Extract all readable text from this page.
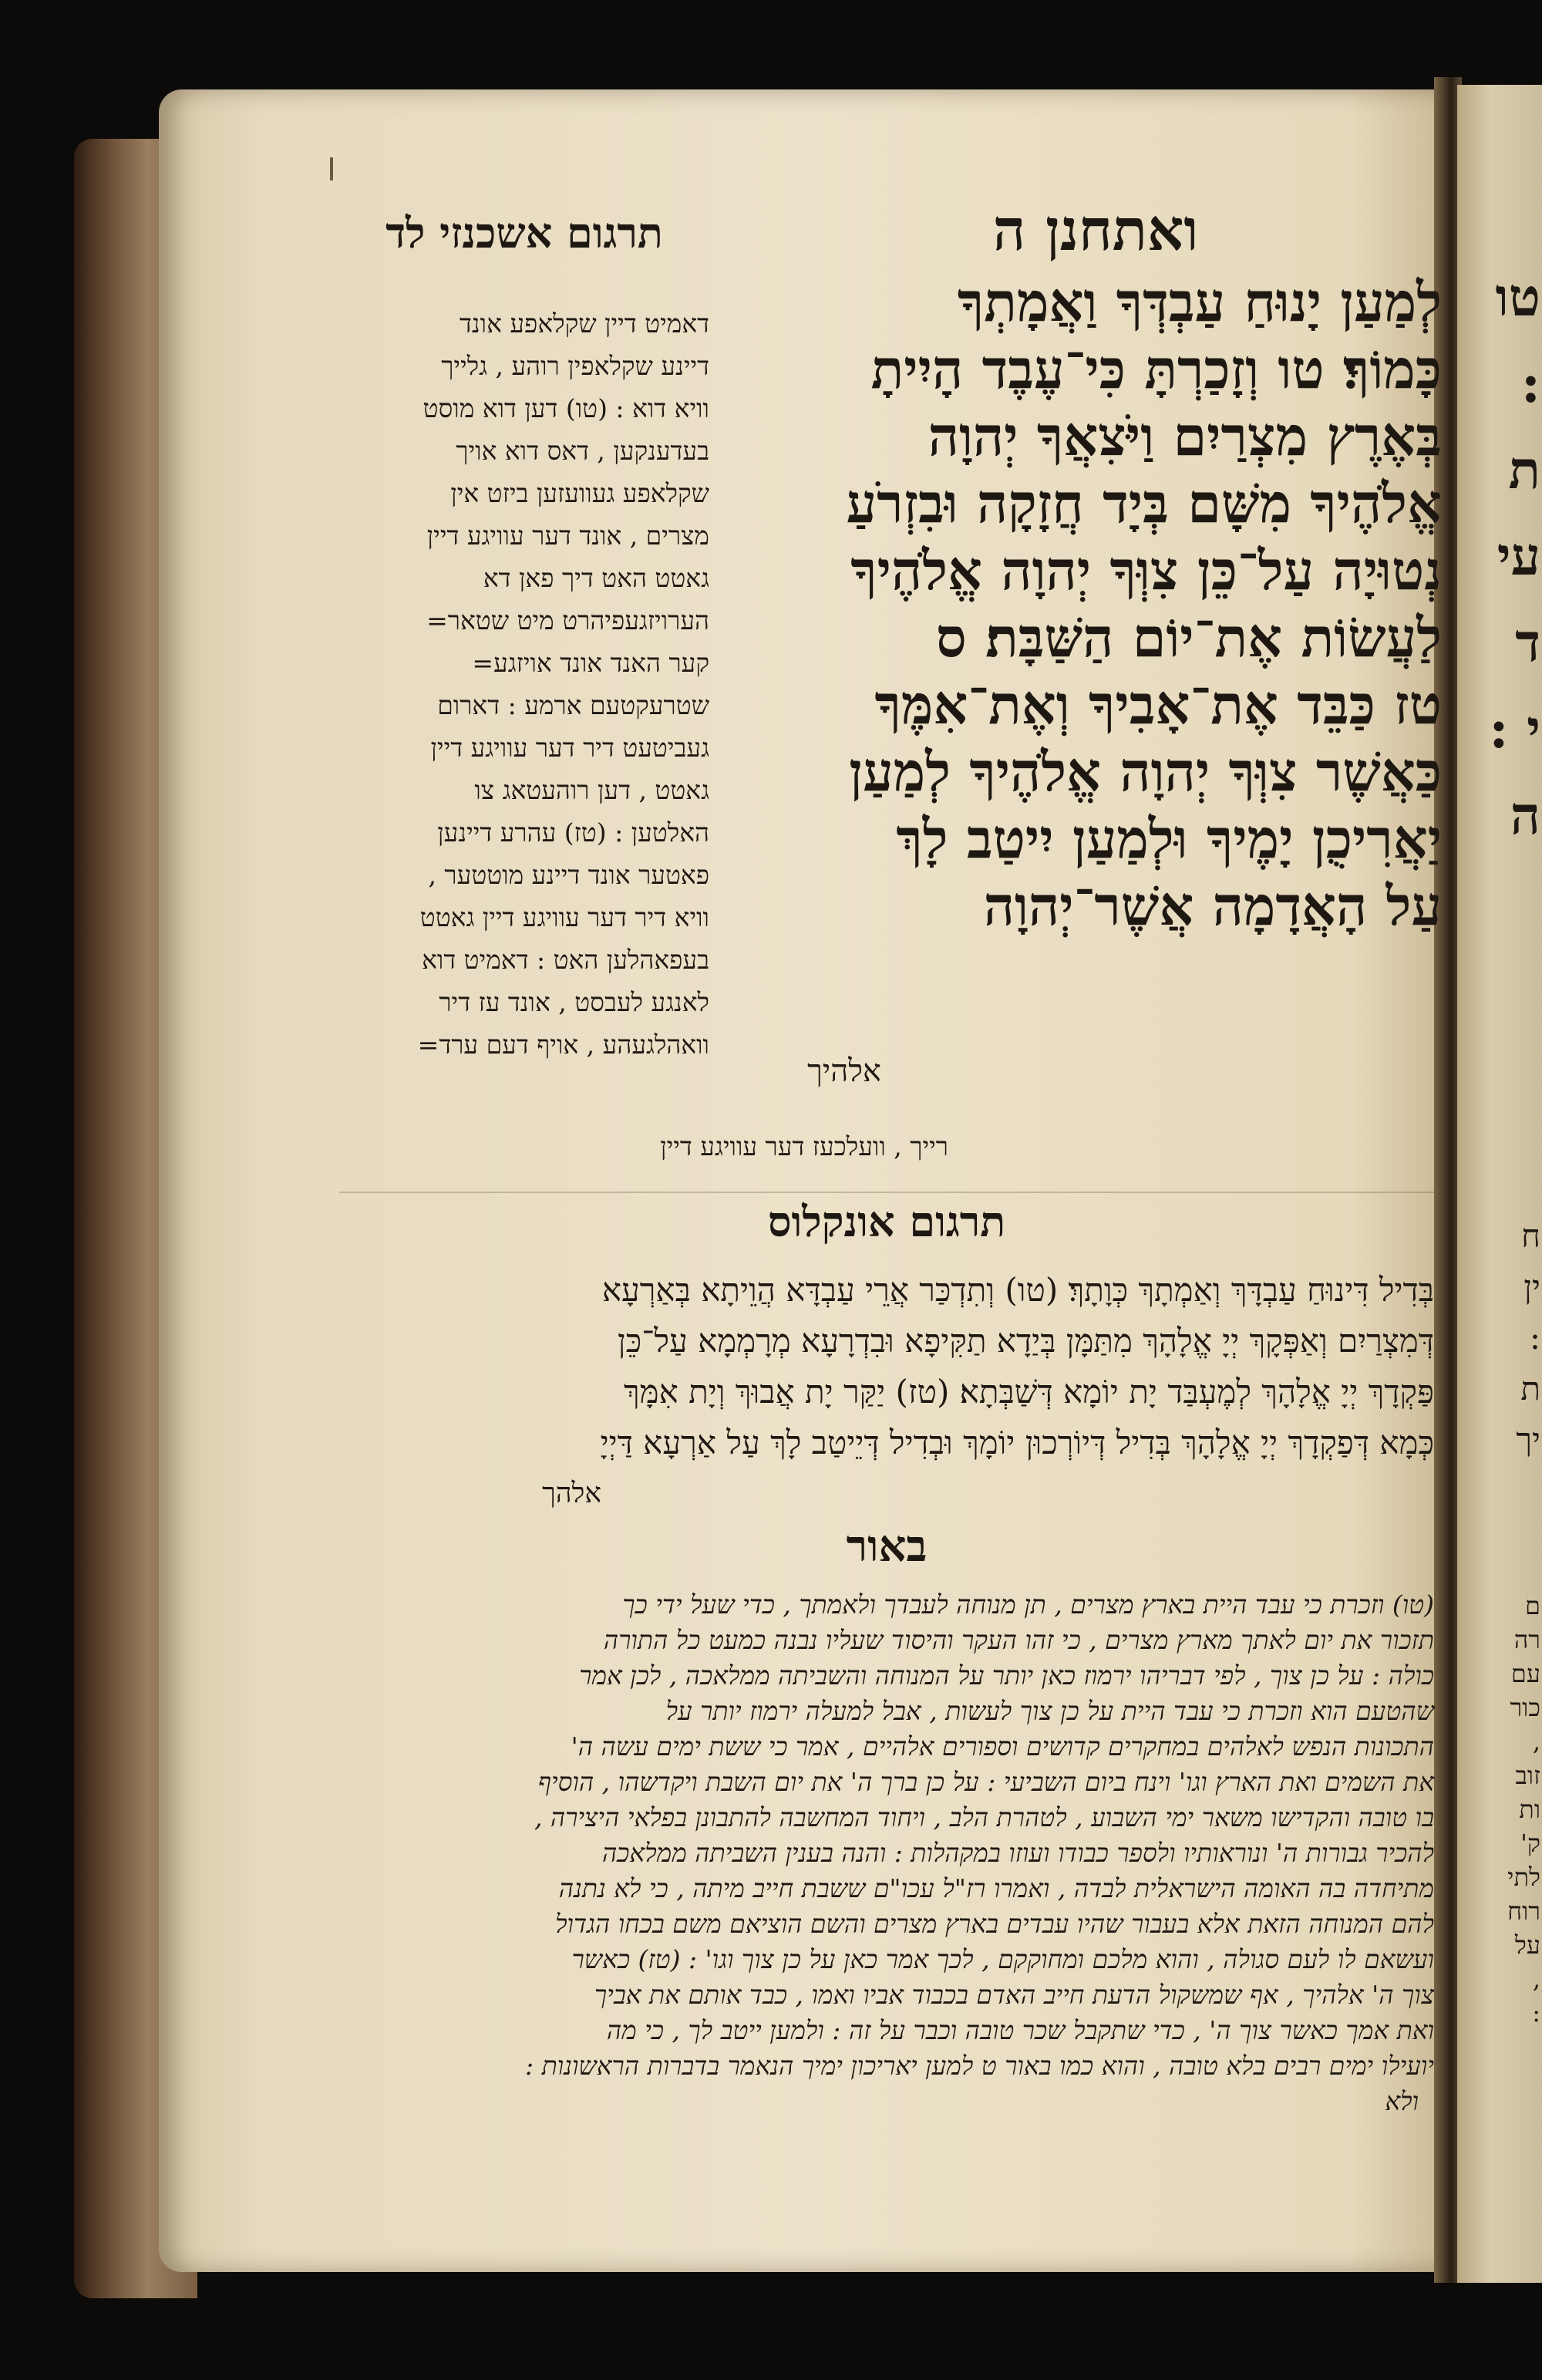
ואתחנן ה
תרגום אשכנזי לד
לְמַעַן יָנוּחַ עַבְדְּךָ וַאֲמָתְךָ
כָּמוֹךָ׃ טו וְזָכַרְתָּ כִּי־עֶבֶד הָיִיתָ
בְּאֶרֶץ מִצְרַיִם וַיֹּצִאֲךָ יְהוָה
אֱלֹהֶיךָ מִשָּׁם בְּיָד חֲזָקָה וּבִזְרֹעַ
נְטוּיָה עַל־כֵּן צִוְּךָ יְהוָה אֱלֹהֶיךָ
לַעֲשׂוֹת אֶת־יוֹם הַשַּׁבָּת׃ ס
טז כַּבֵּד אֶת־אָבִיךָ וְאֶת־אִמֶּךָ
כַּאֲשֶׁר צִוְּךָ יְהוָה אֱלֹהֶיךָ לְמַעַן
יַאֲרִיכֻן יָמֶיךָ וּלְמַעַן יִיטַב לָךְ
עַל הָאֲדָמָה אֲשֶׁר־יְהוָה
אלהיך
דאמיט דיין שקלאפע אונד
דיינע שקלאפין רוהע , גלייך
וויא דוא : (טו) דען דוא מוסט
בעדענקען , דאס דוא אויך
שקלאפע געוועזען ביזט אין
מצרים , אונד דער עוויגע דיין
גאטט האט דיך פאן דא
הערויזגעפיהרט מיט שטאר=
קער האנד אונד אויזגע=
שטרעקטעם ארמע : דארום
געביטעט דיר דער עוויגע דיין
גאטט , דען רוהעטאג צו
האלטען : (טז) עהרע דיינען
פאטער אונד דיינע מוטטער ,
וויא דיר דער עוויגע דיין גאטט
בעפאהלען האט : דאמיט דוא
לאנגע לעבסט , אונד עז דיר
וואהלגעהע , אויף דעם ערד=
רייך , וועלכעז דער עוויגע דיין
תרגום אונקלוס
בְּדִיל דִּינוּחַ עַבְדָּךְ וְאַמְתָךְ כְּוָתָךְ׃ (טו) וְתִדְכַּר אֲרֵי עַבְדָּא הֲוֵיתָא בְּאַרְעָא
דְּמִצְרַיִם וְאַפְּקָךְ יְיָ אֱלָהָךְ מִתַּמָּן בְּיַדָא תַקִּיפָא וּבִדְרָעָא מְרָמְמָא עַל־כֵּן
פַּקְדָךְ יְיָ אֱלָהָךְ לְמֶעְבַּד יָת יוֹמָא דְּשַׁבְּתָא׃ (טז) יַקַּר יָת אֲבוּךְ וְיָת אִמָּךְ
כְּמָא דְּפַקְדָךְ יְיָ אֱלָהָךְ בְּדִיל דְּיוֹרְכוּן יוֹמָךְ וּבְדִיל דְּיֵיטַב לָךְ עַל אַרְעָא דַּיְיָ
אלהך
באור
(טו) וזכרת כי עבד היית בארץ מצרים , תן מנוחה לעבדך ולאמתך , כדי שעל ידי כך
תזכור את יום לאתך מארץ מצרים , כי זהו העקר והיסוד שעליו נבנה כמעט כל התורה
כולה : על כן צוך , לפי דבריהו ירמוז כאן יותר על המנוחה והשביתה ממלאכה , לכן אמר
שהטעם הוא וזכרת כי עבד היית על כן צוך לעשות , אבל למעלה ירמוז יותר על
התכונות הנפש לאלהים במחקרים קדושים וספורים אלהיים , אמר כי ששת ימים עשה ה'
את השמים ואת הארץ וגו' וינח ביום השביעי : על כן ברך ה' את יום השבת ויקדשהו , הוסיף
בו טובה והקדישו משאר ימי השבוע , לטהרת הלב , ויחוד המחשבה להתבונן בפלאי היצירה ,
להכיר גבורות ה' ונוראותיו ולספר כבודו ועוזו במקהלות : והנה בענין השביתה ממלאכה
מתיחדה בה האומה הישראלית לבדה , ואמרו רז"ל עכו"ם ששבת חייב מיתה , כי לא נתנה
להם המנוחה הזאת אלא בעבור שהיו עבדים בארץ מצרים והשם הוציאם משם בכחו הגדול
ועשאם לו לעם סגולה , והוא מלכם ומחוקקם , לכך אמר כאן על כן צוך וגו' : (טז) כאשר
צוך ה' אלהיך , אף שמשקול הדעת חייב האדם בכבוד אביו ואמו , כבד אותם את אביך
ואת אמך כאשר צוך ה' , כדי שתקבל שכר טובה וכבר על זה : ולמען ייטב לך , כי מה
יועילו ימים רבים בלא טובה , והוא כמו באור ט למען יאריכון ימיך הנאמר בדברות הראשונות :
ולא
טו
:
ת
עי
ד
י :
ה
ח
ין
:
ת
יך
ם
רה
עם
כור
,
זוב
ות
ק'
לתי
רוח
על
,
:
